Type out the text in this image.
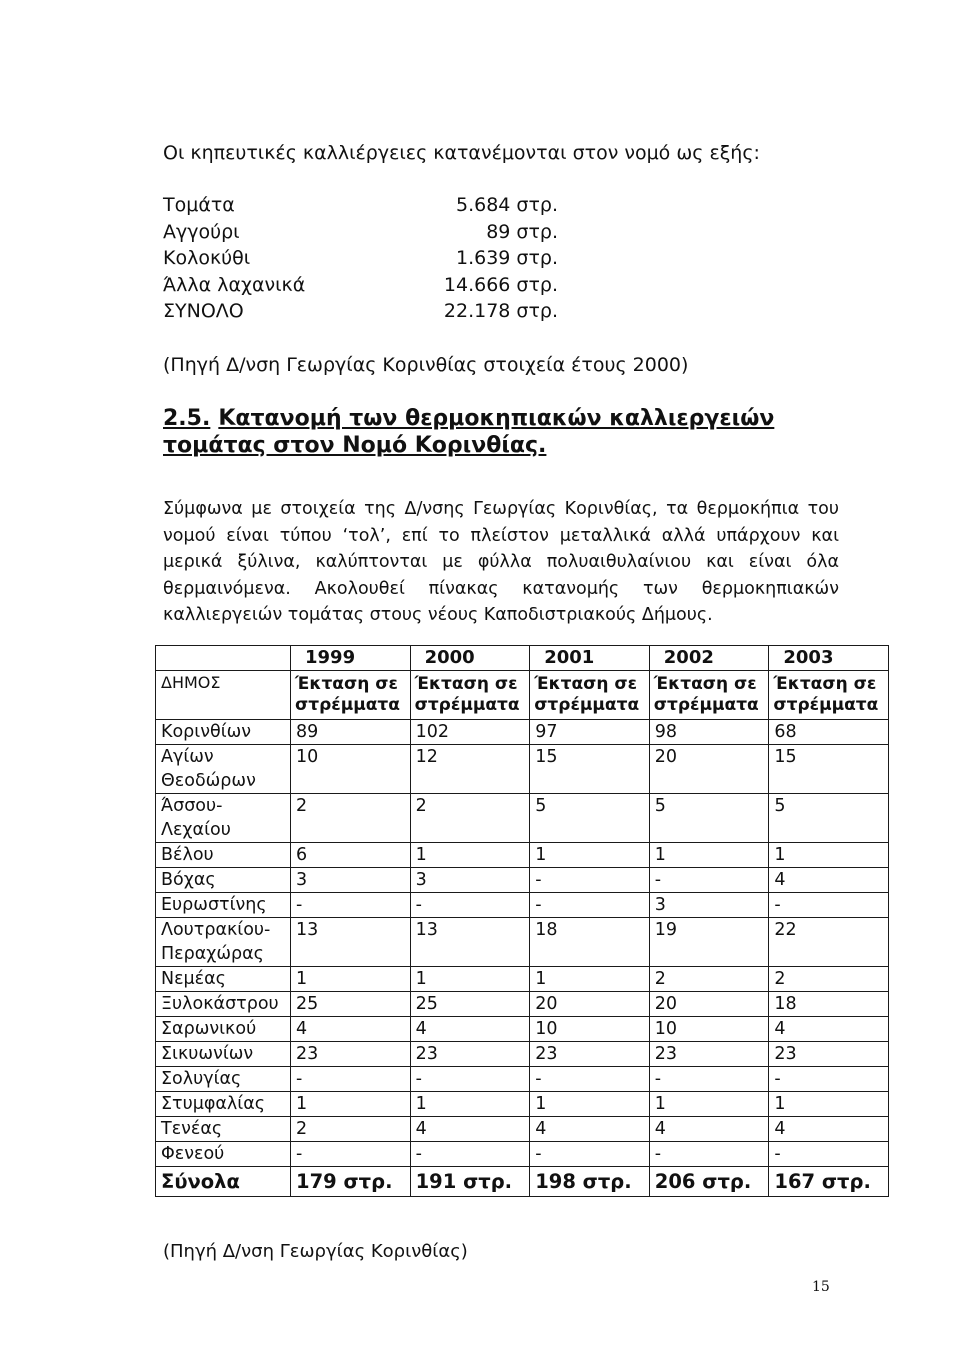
Οι κηπευτικές καλλιέργειες κατανέμονται στον νομό ως εξής:

Τομάτα	5.684 στρ.
Αγγούρι	89 στρ.
Κολοκύθι	1.639 στρ.
Άλλα λαχανικά	14.666 στρ.
ΣΥΝΟΛΟ	22.178 στρ.

(Πηγή Δ/νση Γεωργίας Κορινθίας στοιχεία έτους 2000)

2.5. Κατανομή των θερμοκηπιακών καλλιεργειών τομάτας στον Νομό Κορινθίας.

Σύμφωνα με στοιχεία της Δ/νσης Γεωργίας Κορινθίας, τα θερμοκήπια του νομού είναι τύπου ‘τολ’, επί το πλείστον μεταλλικά αλλά υπάρχουν και μερικά ξύλινα, καλύπτονται με φύλλα πολυαιθυλαίνιου και είναι όλα θερμαινόμενα. Ακολουθεί πίνακας κατανομής των θερμοκηπιακών καλλιεργειών τομάτας στους νέους Καποδιστριακούς Δήμους.

	1999	2000	2001	2002	2003
ΔΗΜΟΣ	Έκταση σε στρέμματα	Έκταση σε στρέμματα	Έκταση σε στρέμματα	Έκταση σε στρέμματα	Έκταση σε στρέμματα
Κορινθίων	89	102	97	98	68
Αγίων Θεοδώρων	10	12	15	20	15
Άσσου-Λεχαίου	2	2	5	5	5
Βέλου	6	1	1	1	1
Βόχας	3	3	-	-	4
Ευρωστίνης	-	-	-	3	-
Λουτρακίου-Περαχώρας	13	13	18	19	22
Νεμέας	1	1	1	2	2
Ξυλοκάστρου	25	25	20	20	18
Σαρωνικού	4	4	10	10	4
Σικυωνίων	23	23	23	23	23
Σολυγίας	-	-	-	-	-
Στυμφαλίας	1	1	1	1	1
Τενέας	2	4	4	4	4
Φενεού	-	-	-	-	-
Σύνολα	179 στρ.	191 στρ.	198 στρ.	206 στρ.	167 στρ.

(Πηγή Δ/νση Γεωργίας Κορινθίας)

15
